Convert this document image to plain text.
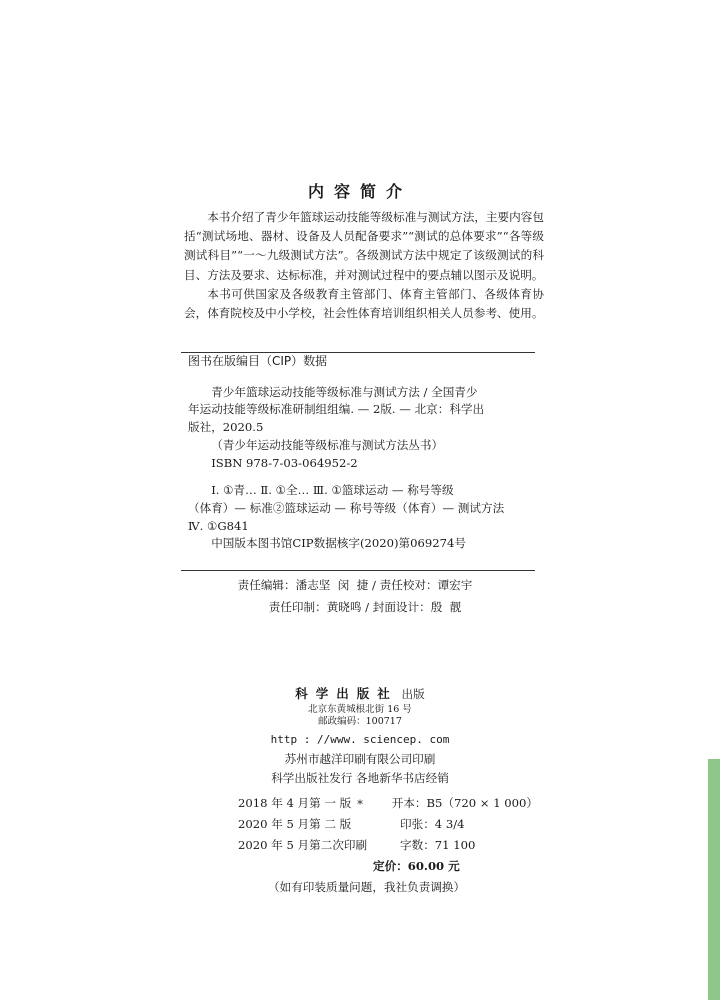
内容简介

本书介绍了青少年篮球运动技能等级标准与测试方法，主要内容包括“测试场地、器材、设备及人员配备要求”“测试的总体要求”“各等级测试科目”“一～九级测试方法”。各级测试方法中规定了该级测试的科目、方法及要求、达标标准，并对测试过程中的要点辅以图示及说明。

本书可供国家及各级教育主管部门、体育主管部门、各级体育协会，体育院校及中小学校，社会性体育培训组织相关人员参考、使用。

图书在版编目（CIP）数据
青少年篮球运动技能等级标准与测试方法 / 全国青少
年运动技能等级标准研制组组编. — 2版. — 北京：科学出
版社，2020.5
（青少年运动技能等级标准与测试方法丛书）
ISBN 978-7-03-064952-2
Ⅰ. ①青… Ⅱ. ①全… Ⅲ. ①篮球运动 — 称号等级
（体育）— 标准②篮球运动 — 称号等级（体育）— 测试方法
Ⅳ. ①G841
中国版本图书馆CIP数据核字(2020)第069274号
责任编辑：潘志坚  闵  捷 / 责任校对：谭宏宇
责任印制：黄晓鸣 / 封面设计：殷  靓
科学出版社 出版
北京东黄城根北街 16 号
邮政编码：100717
http : //www. sciencep. com
苏州市越洋印刷有限公司印刷
科学出版社发行 各地新华书店经销
*
2018 年 4 月第 一 版	开本：B5（720 × 1 000）
2020 年 5 月第 二 版	印张：4 3/4
2020 年 5 月第二次印刷	字数：71 100
定价：60.00 元
（如有印装质量问题，我社负责调换）
